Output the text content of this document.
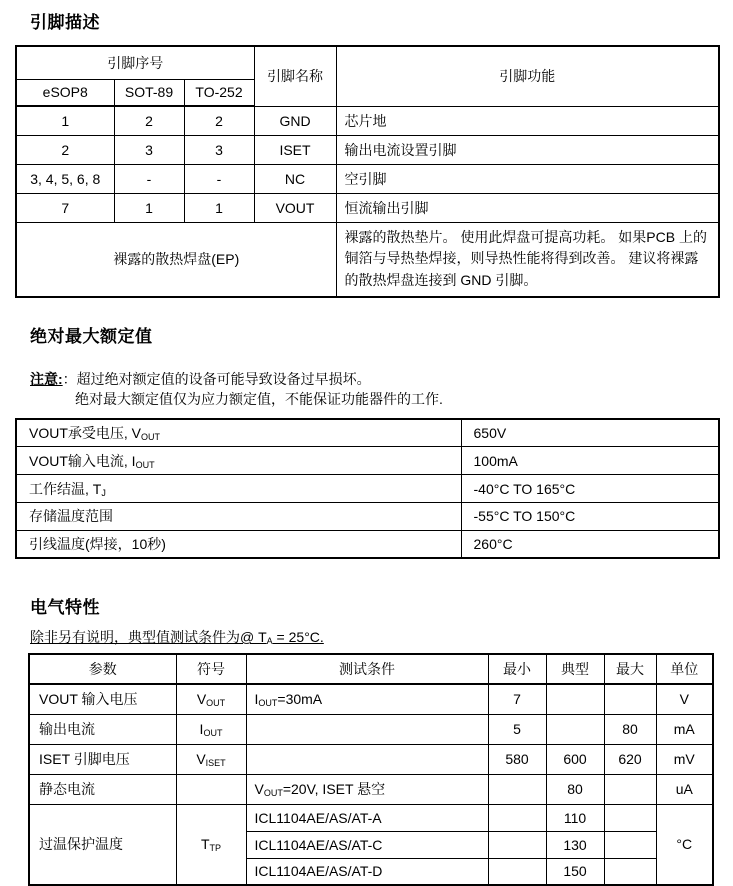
引脚描述
引脚序号			引脚名称	引脚功能
eSOP8	SOT-89	TO-252		
1	2	2	GND	芯片地
2	3	3	ISET	输出电流设置引脚
3, 4, 5, 6, 8	-	-	NC	空引脚
7	1	1	VOUT	恒流输出引脚
裸露的散热焊盘(EP)				裸露的散热垫片。 使用此焊盘可提高功耗。 如果PCB 上的铜箔与导热垫焊接，则导热性能将得到改善。 建议将裸露的散热焊盘连接到 GND 引脚。
绝对最大额定值
注意:：超过绝对额定值的设备可能导致设备过早损坏。
绝对最大额定值仅为应力额定值，不能保证功能器件的工作.
VOUT承受电压, $V_{OUT}$	650V
VOUT输入电流, $I_{OUT}$	100mA
工作结温, $T_J$	-40°C TO 165°C
存储温度范围	-55°C TO 150°C
引线温度(焊接，10秒)	260°C
电气特性
除非另有说明，典型值测试条件为@ $T_A = 25^\circ C$.
参数	符号	测试条件	最小	典型	最大	单位
VOUT 输入电压	$V_{OUT}$	$I_{OUT}=30mA$	7			V
输出电流	$I_{OUT}$		5		80	mA
ISET 引脚电压	$V_{ISET}$		580	600	620	mV
静态电流		$V_{OUT}=20V$, ISET 悬空		80		uA
过温保护温度	$T_{TP}$	ICL1104AE/AS/AT-A		110		°C
		ICL1104AE/AS/AT-C		130		
		ICL1104AE/AS/AT-D		150		
